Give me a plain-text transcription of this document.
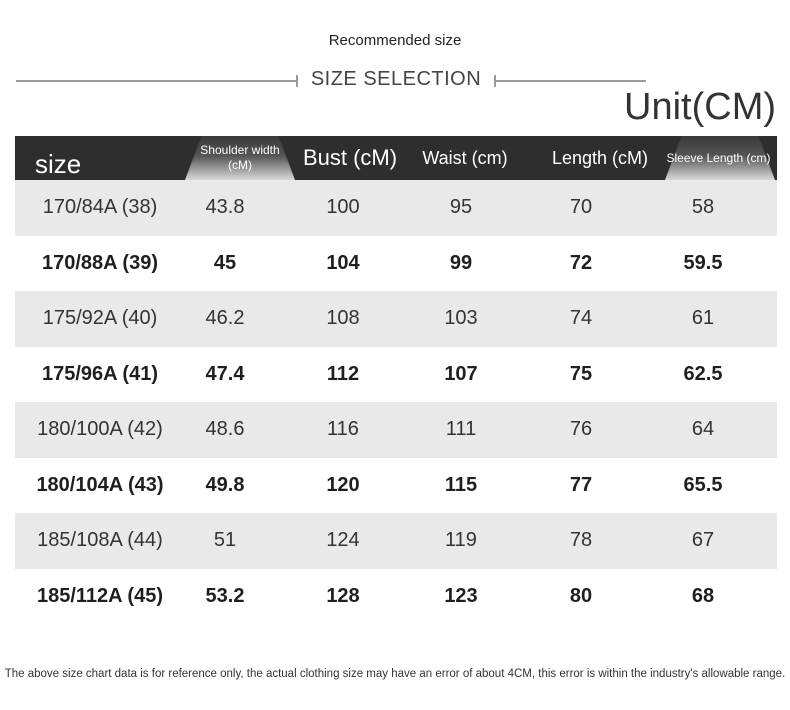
Recommended size
SIZE SELECTION
Unit(CM)
size	Shoulder width (cM)	Bust (cM)	Waist (cm)	Length (cM)	Sleeve Length (cm)
170/84A (38)	43.8	100	95	70	58
170/88A (39)	45	104	99	72	59.5
175/92A (40)	46.2	108	103	74	61
175/96A (41)	47.4	112	107	75	62.5
180/100A (42)	48.6	116	111	76	64
180/104A (43)	49.8	120	115	77	65.5
185/108A (44)	51	124	119	78	67
185/112A (45)	53.2	128	123	80	68
The above size chart data is for reference only, the actual clothing size may have an error of about 4CM, this error is within the industry's allowable range.
